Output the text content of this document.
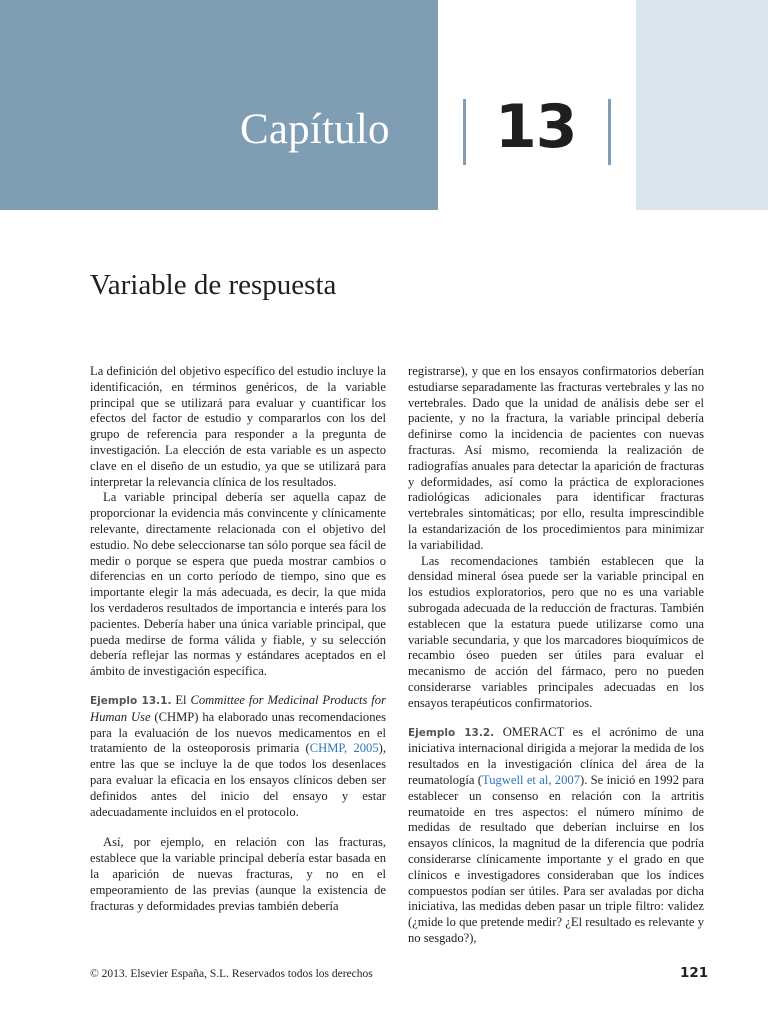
Capítulo 13
Variable de respuesta

La definición del objetivo específico del estudio incluye la identificación, en términos genéricos, de la variable principal que se utilizará para evaluar y cuantificar los efectos del factor de estudio y compararlos con los del grupo de referencia para responder a la pregunta de investigación. La elección de esta variable es un aspecto clave en el diseño de un estudio, ya que se utilizará para interpretar la relevancia clínica de los resultados.

La variable principal debería ser aquella capaz de proporcionar la evidencia más convincente y clínicamente relevante, directamente relacionada con el objetivo del estudio. No debe seleccionarse tan sólo porque sea fácil de medir o porque se espera que pueda mostrar cambios o diferencias en un corto período de tiempo, sino que es importante elegir la más adecuada, es decir, la que mida los verdaderos resultados de importancia e interés para los pacientes. Debería haber una única variable principal, que pueda medirse de forma válida y fiable, y su selección debería reflejar las normas y estándares aceptados en el ámbito de investigación específica.

Ejemplo 13.1. El Committee for Medicinal Products for Human Use (CHMP) ha elaborado unas recomendaciones para la evaluación de los nuevos medicamentos en el tratamiento de la osteoporosis primaria (CHMP, 2005), entre las que se incluye la de que todos los desenlaces para evaluar la eficacia en los ensayos clínicos deben ser definidos antes del inicio del ensayo y estar adecuadamente incluidos en el protocolo.

Así, por ejemplo, en relación con las fracturas, establece que la variable principal debería estar basada en la aparición de nuevas fracturas, y no en el empeoramiento de las previas (aunque la existencia de fracturas y deformidades previas también debería

registrarse), y que en los ensayos confirmatorios deberían estudiarse separadamente las fracturas vertebrales y las no vertebrales. Dado que la unidad de análisis debe ser el paciente, y no la fractura, la variable principal debería definirse como la incidencia de pacientes con nuevas fracturas. Así mismo, recomienda la realización de radiografías anuales para detectar la aparición de fracturas y deformidades, así como la práctica de exploraciones radiológicas adicionales para identificar fracturas vertebrales sintomáticas; por ello, resulta imprescindible la estandarización de los procedimientos para minimizar la variabilidad.

Las recomendaciones también establecen que la densidad mineral ósea puede ser la variable principal en los estudios exploratorios, pero que no es una variable subrogada adecuada de la reducción de fracturas. También establecen que la estatura puede utilizarse como una variable secundaria, y que los marcadores bioquímicos de recambio óseo pueden ser útiles para evaluar el mecanismo de acción del fármaco, pero no pueden considerarse variables principales adecuadas en los ensayos terapéuticos confirmatorios.

Ejemplo 13.2. OMERACT es el acrónimo de una iniciativa internacional dirigida a mejorar la medida de los resultados en la investigación clínica del área de la reumatología (Tugwell et al, 2007). Se inició en 1992 para establecer un consenso en relación con la artritis reumatoide en tres aspectos: el número mínimo de medidas de resultado que deberían incluirse en los ensayos clínicos, la magnitud de la diferencia que podría considerarse clínicamente importante y el grado en que clínicos e investigadores consideraban que los índices compuestos podían ser útiles. Para ser avaladas por dicha iniciativa, las medidas deben pasar un triple filtro: validez (¿mide lo que pretende medir? ¿El resultado es relevante y no sesgado?),

© 2013. Elsevier España, S.L. Reservados todos los derechos	121
